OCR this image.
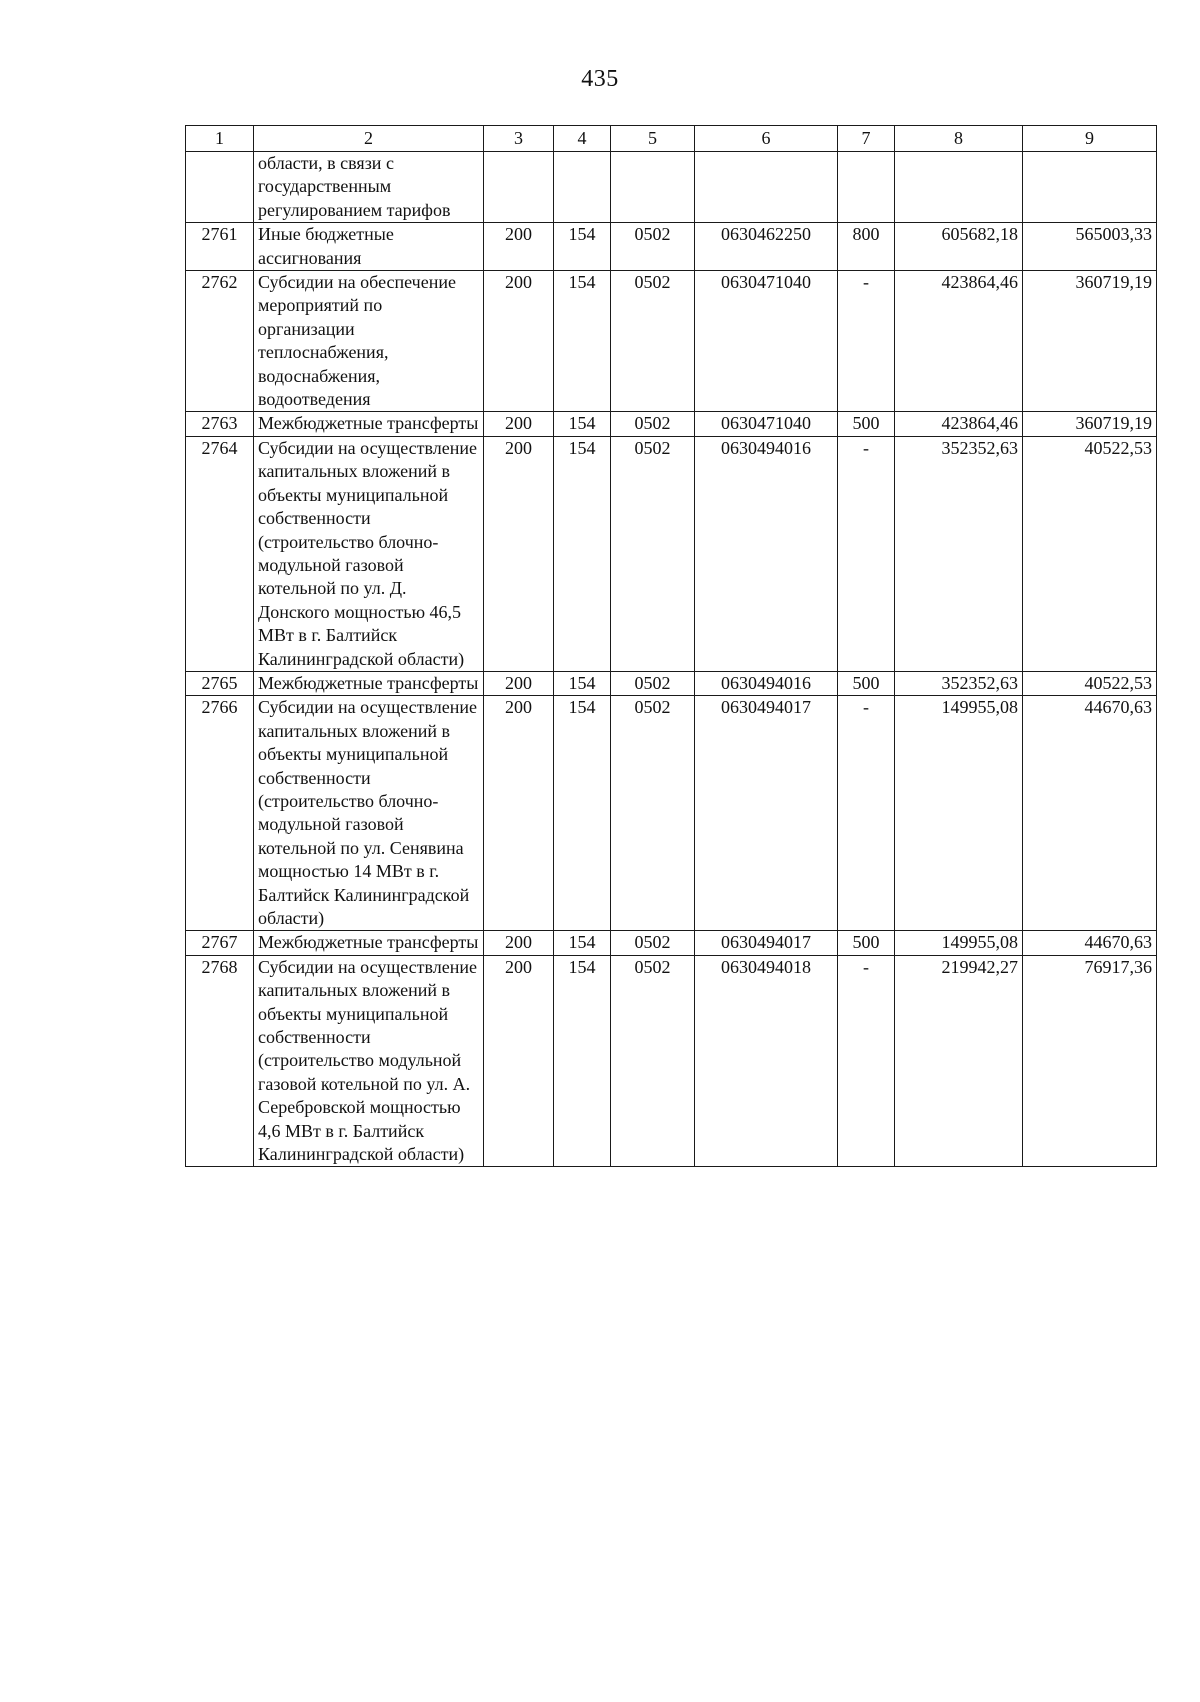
435
1	2	3	4	5	6	7	8	9
	области, в связи с государственным регулированием тарифов							
2761	Иные бюджетные ассигнования	200	154	0502	0630462250	800	605682,18	565003,33
2762	Субсидии на обеспечение мероприятий по организации теплоснабжения, водоснабжения, водоотведения	200	154	0502	0630471040	-	423864,46	360719,19
2763	Межбюджетные трансферты	200	154	0502	0630471040	500	423864,46	360719,19
2764	Субсидии на осуществление капитальных вложений в объекты муниципальной собственности (строительство блочно-модульной газовой котельной по ул. Д. Донского мощностью 46,5 МВт в г. Балтийск Калининградской области)	200	154	0502	0630494016	-	352352,63	40522,53
2765	Межбюджетные трансферты	200	154	0502	0630494016	500	352352,63	40522,53
2766	Субсидии на осуществление капитальных вложений в объекты муниципальной собственности (строительство блочно-модульной газовой котельной по ул. Сенявина мощностью 14 МВт в г. Балтийск Калининградской области)	200	154	0502	0630494017	-	149955,08	44670,63
2767	Межбюджетные трансферты	200	154	0502	0630494017	500	149955,08	44670,63
2768	Субсидии на осуществление капитальных вложений в объекты муниципальной собственности (строительство модульной газовой котельной по ул. А. Серебровской мощностью 4,6 МВт в г. Балтийск Калининградской области)	200	154	0502	0630494018	-	219942,27	76917,36
